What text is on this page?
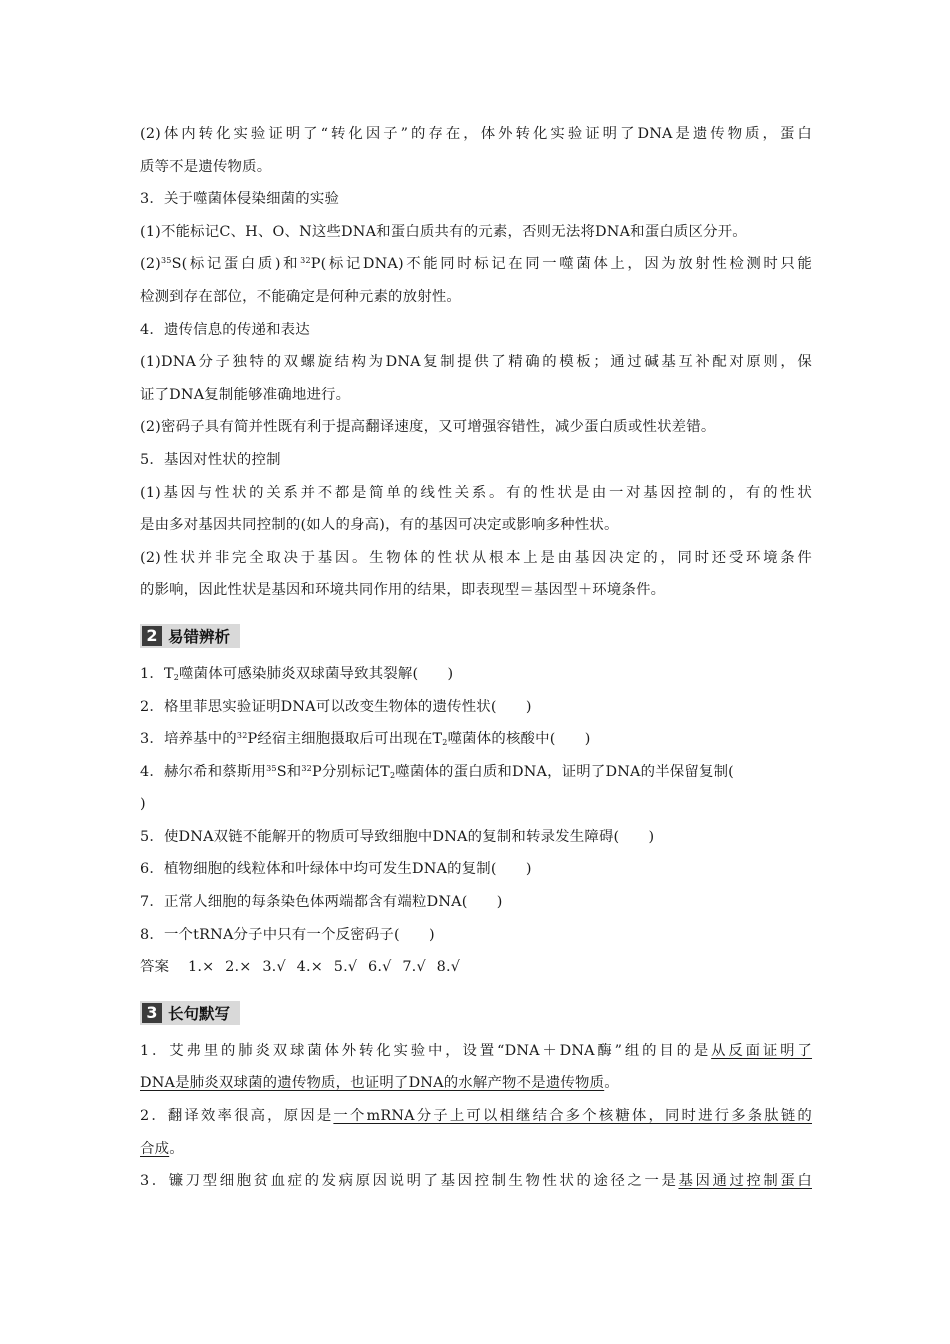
(2)体内转化实验证明了“转化因子”的存在，体外转化实验证明了DNA是遗传物质，蛋白
质等不是遗传物质。
3．关于噬菌体侵染细菌的实验
(1)不能标记C、H、O、N这些DNA和蛋白质共有的元素，否则无法将DNA和蛋白质区分开。
$(2)^{35}S$(标记蛋白质)和$^{32}$P(标记DNA)不能同时标记在同一噬菌体上，因为放射性检测时只能
检测到存在部位，不能确定是何种元素的放射性。
4．遗传信息的传递和表达
(1)DNA分子独特的双螺旋结构为DNA复制提供了精确的模板；通过碱基互补配对原则，保
证了DNA复制能够准确地进行。
(2)密码子具有简并性既有利于提高翻译速度，又可增强容错性，减少蛋白质或性状差错。
5．基因对性状的控制
(1)基因与性状的关系并不都是简单的线性关系。有的性状是由一对基因控制的，有的性状
是由多对基因共同控制的(如人的身高)，有的基因可决定或影响多种性状。
(2)性状并非完全取决于基因。生物体的性状从根本上是由基因决定的，同时还受环境条件
的影响，因此性状是基因和环境共同作用的结果，即表现型＝基因型＋环境条件。
2 易错辨析
1．$T_2$噬菌体可感染肺炎双球菌导致其裂解(　　)
2．格里菲思实验证明DNA可以改变生物体的遗传性状(　　)
3．培养基中的$^{32}$P经宿主细胞摄取后可出现在$T_2$噬菌体的核酸中(　　)
4．赫尔希和蔡斯用$^{35}$S和$^{32}$P分别标记$T_2$噬菌体的蛋白质和DNA，证明了DNA的半保留复制(
)
5．使DNA双链不能解开的物质可导致细胞中DNA的复制和转录发生障碍(　　)
6．植物细胞的线粒体和叶绿体中均可发生DNA的复制(　　)
7．正常人细胞的每条染色体两端都含有端粒DNA(　　)
8．一个tRNA分子中只有一个反密码子(　　)
答案 1.× 2.× 3.√ 4.× 5.√ 6.√ 7.√ 8.√
3 长句默写
1．艾弗里的肺炎双球菌体外转化实验中，设置“DNA＋DNA酶”组的目的是从反面证明了
DNA是肺炎双球菌的遗传物质，也证明了DNA的水解产物不是遗传物质。
2．翻译效率很高，原因是一个mRNA分子上可以相继结合多个核糖体，同时进行多条肽链的
合成。
3．镰刀型细胞贫血症的发病原因说明了基因控制生物性状的途径之一是基因通过控制蛋白
